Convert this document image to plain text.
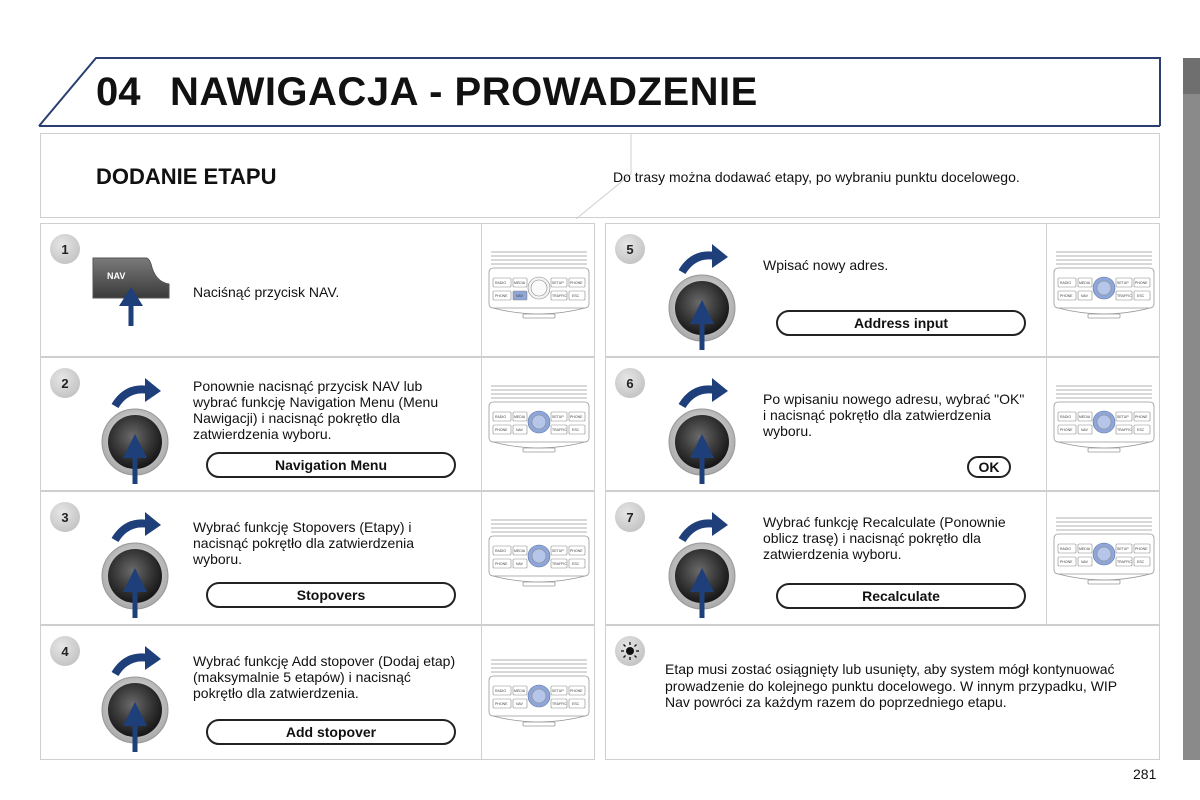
04 NAWIGACJA - PROWADZENIE
DODANIE ETAPU	Do trasy można dodawać etapy, po wybraniu punktu docelowego.
1
NAV
Naciśnąć przycisk NAV.
RADIO MEDIA	SETUP PHONE
PHONE NAV	TRAFFIC ESC
2	Ponownie nacisnąć przycisk NAV lub wybrać funkcję Navigation Menu (Menu Nawigacji) i nacisnąć pokrętło dla zatwierdzenia wyboru.
Navigation Menu
RADIO MEDIA	SETUP PHONE
PHONE NAV	TRAFFIC ESC
3
Wybrać funkcję Stopovers (Etapy) i nacisnąć pokrętło dla zatwierdzenia wyboru.
Stopovers
RADIO MEDIA	SETUP PHONE
PHONE NAV	TRAFFIC ESC
4
Wybrać funkcję Add stopover (Dodaj etap) (maksymalnie 5 etapów) i nacisnąć pokrętło dla zatwierdzenia.
Add stopover
RADIO MEDIA	SETUP PHONE
PHONE NAV	TRAFFIC ESC
5
Wpisać nowy adres.
Address input
RADIO MEDIA	SETUP PHONE
PHONE NAV	TRAFFIC ESC
6
Po wpisaniu nowego adresu, wybrać "OK" i nacisnąć pokrętło dla zatwierdzenia wyboru.
OK
RADIO MEDIA	SETUP PHONE
PHONE NAV	TRAFFIC ESC
7	Wybrać funkcję Recalculate (Ponownie oblicz trasę) i nacisnąć pokrętło dla zatwierdzenia wyboru.
Recalculate
RADIO MEDIA	SETUP PHONE
PHONE NAV	TRAFFIC ESC
Etap musi zostać osiągnięty lub usunięty, aby system mógł kontynuować prowadzenie do kolejnego punktu docelowego. W innym przypadku, WIP Nav powróci za każdym razem do poprzedniego etapu.
281
